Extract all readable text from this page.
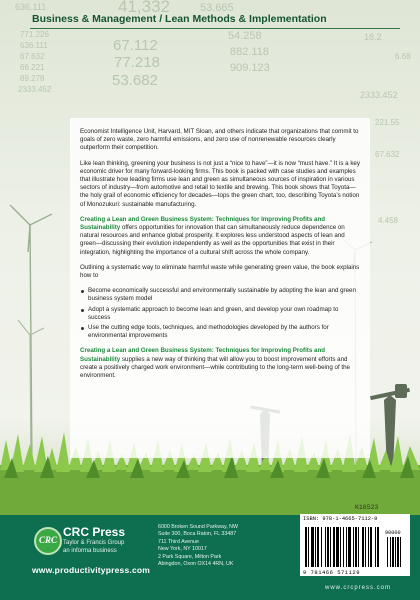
636.111	41,332	53.665
67.112
77.218
53.682
54.258
771.226
636.111
67.632
66.221
89.278
2333.452
18.2
6.68
882.118
909.123
2333.452
221.55
67.632
4.458
Business & Management / Lean Methods & Implementation

Economist Intelligence Unit, Harvard, MIT Sloan, and others indicate that organizations that commit to goals of zero waste, zero harmful emissions, and zero use of nonrenewable resources clearly outperform their competition.

Like lean thinking, greening your business is not just a “nice to have”—it is now “must have.” It is a key economic driver for many forward-looking firms. This book is packed with case studies and examples that illustrate how leading firms use lean and green as simultaneous sources of inspiration in various sectors of industry—from automotive and retail to textile and brewing. This book shows that Toyota—the holy grail of economic efficiency for decades—tops the green chart, too, describing Toyota’s notion of Monozukuri: sustainable manufacturing.

Creating a Lean and Green Business System: Techniques for Improving Profits and Sustainability offers opportunities for innovation that can simultaneously reduce dependence on natural resources and enhance global prosperity. It explores less understood aspects of lean and green—discussing their evolution independently as well as the opportunities that exist in their integration, highlighting the importance of a cultural shift across the whole company.

Outlining a systematic way to eliminate harmful waste while generating green value, the book explains how to

Become economically successful and environmentally sustainable by adopting the lean and green business system model
Adopt a systematic approach to become lean and green, and develop your own roadmap to success
Use the cutting edge tools, techniques, and methodologies developed by the authors for environmental improvements

Creating a Lean and Green Business System: Techniques for Improving Profits and Sustainability supplies a new way of thinking that will allow you to boost improvement efforts and create a positively charged work environment—while contributing to the long-term well-being of the environment.

CRC
CRC Press
Taylor & Francis Group
an informa business
6000 Broken Sound Parkway, NW
Suite 300, Boca Raton, FL 33487
711 Third Avenue
New York, NY 10017
2 Park Square, Milton Park
Abingdon, Oxon OX14 4RN, UK
www.productivitypress.com
K16523
ISBN: 978-1-4665-7112-9
90000
9 781466 571129
www.crcpress.com
